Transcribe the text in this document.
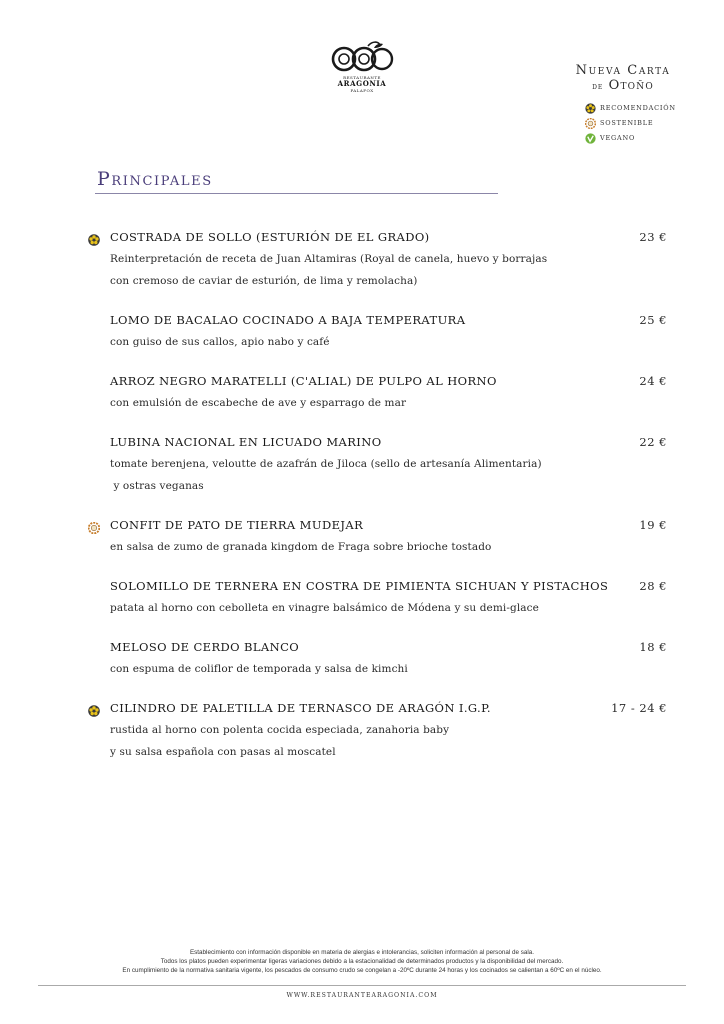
RESTAURANTE
ARAGONIA
PALAFOX
Nueva Carta
de Otoño
RECOMENDACIÓN
SOSTENIBLE
VEGANO
Principales
COSTRADA DE SOLLO (ESTURIÓN DE EL GRADO)	23 €
Reinterpretación de receta de Juan Altamiras (Royal de canela, huevo y borrajas
con cremoso de caviar de esturión, de lima y remolacha)
LOMO DE BACALAO COCINADO A BAJA TEMPERATURA	25 €
con guiso de sus callos, apio nabo y café
ARROZ NEGRO MARATELLI (C'ALIAL) DE PULPO AL HORNO	24 €
con emulsión de escabeche de ave y esparrago de mar
LUBINA NACIONAL EN LICUADO MARINO	22 €
tomate berenjena, veloutte de azafrán de Jiloca (sello de artesanía Alimentaria)
y ostras veganas
CONFIT DE PATO DE TIERRA MUDEJAR	19 €
en salsa de zumo de granada kingdom de Fraga sobre brioche tostado
SOLOMILLO DE TERNERA EN COSTRA DE PIMIENTA SICHUAN Y PISTACHOS	28 €
patata al horno con cebolleta en vinagre balsámico de Módena y su demi-glace
MELOSO DE CERDO BLANCO	18 €
con espuma de coliflor de temporada y salsa de kimchi
CILINDRO DE PALETILLA DE TERNASCO DE ARAGÓN I.G.P.	17 - 24 €
rustida al horno con polenta cocida especiada, zanahoria baby
y su salsa española con pasas al moscatel
Establecimiento con información disponible en materia de alergias e intolerancias, soliciten información al personal de sala.
Todos los platos pueden experimentar ligeras variaciones debido a la estacionalidad de determinados productos y la disponibilidad del mercado.
En cumplimiento de la normativa sanitaria vigente, los pescados de consumo crudo se congelan a -20ºC durante 24 horas y los cocinados se calientan a 60ºC en el núcleo.
WWW.RESTAURANTEARAGONIA.COM
